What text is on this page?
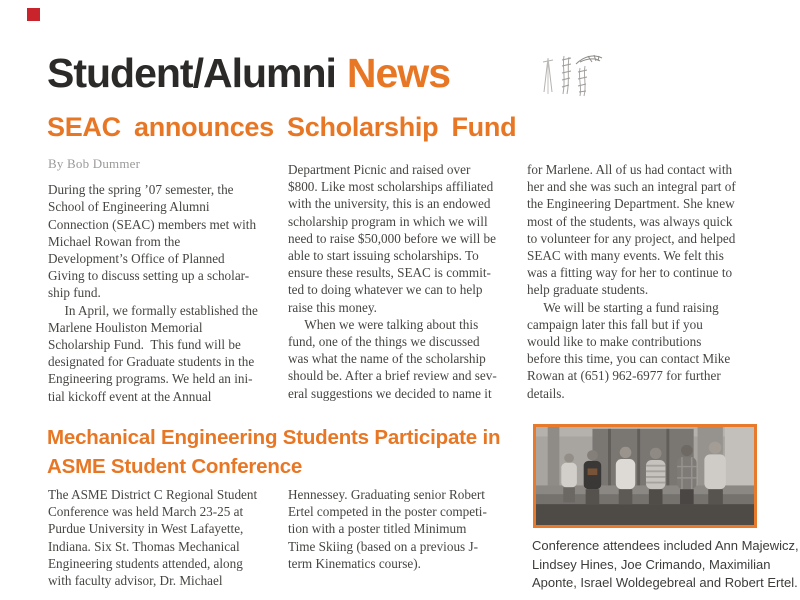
Student/Alumni News
SEAC announces Scholarship Fund
By Bob Dummer
During the spring ’07 semester, the
School of Engineering Alumni
Connection (SEAC) members met with
Michael Rowan from the
Development’s Office of Planned
Giving to discuss setting up a scholar-
ship fund.
In April, we formally established the
Marlene Houliston Memorial
Scholarship Fund.  This fund will be
designated for Graduate students in the
Engineering programs. We held an ini-
tial kickoff event at the Annual
Department Picnic and raised over
$800. Like most scholarships affiliated
with the university, this is an endowed
scholarship program in which we will
need to raise $50,000 before we will be
able to start issuing scholarships. To
ensure these results, SEAC is commit-
ted to doing whatever we can to help
raise this money.
When we were talking about this
fund, one of the things we discussed
was what the name of the scholarship
should be. After a brief review and sev-
eral suggestions we decided to name it
for Marlene. All of us had contact with
her and she was such an integral part of
the Engineering Department. She knew
most of the students, was always quick
to volunteer for any project, and helped
SEAC with many events. We felt this
was a fitting way for her to continue to
help graduate students.
We will be starting a fund raising
campaign later this fall but if you
would like to make contributions
before this time, you can contact Mike
Rowan at (651) 962-6977 for further
details.
Mechanical Engineering Students Participate in
ASME Student Conference
The ASME District C Regional Student
Conference was held March 23-25 at
Purdue University in West Lafayette,
Indiana. Six St. Thomas Mechanical
Engineering students attended, along
with faculty advisor, Dr. Michael
Hennessey. Graduating senior Robert
Ertel competed in the poster competi-
tion with a poster titled Minimum
Time Skiing (based on a previous J-
term Kinematics course).
Conference attendees included Ann Majewicz,
Lindsey Hines, Joe Crimando, Maximilian
Aponte, Israel Woldegebreal and Robert Ertel.
